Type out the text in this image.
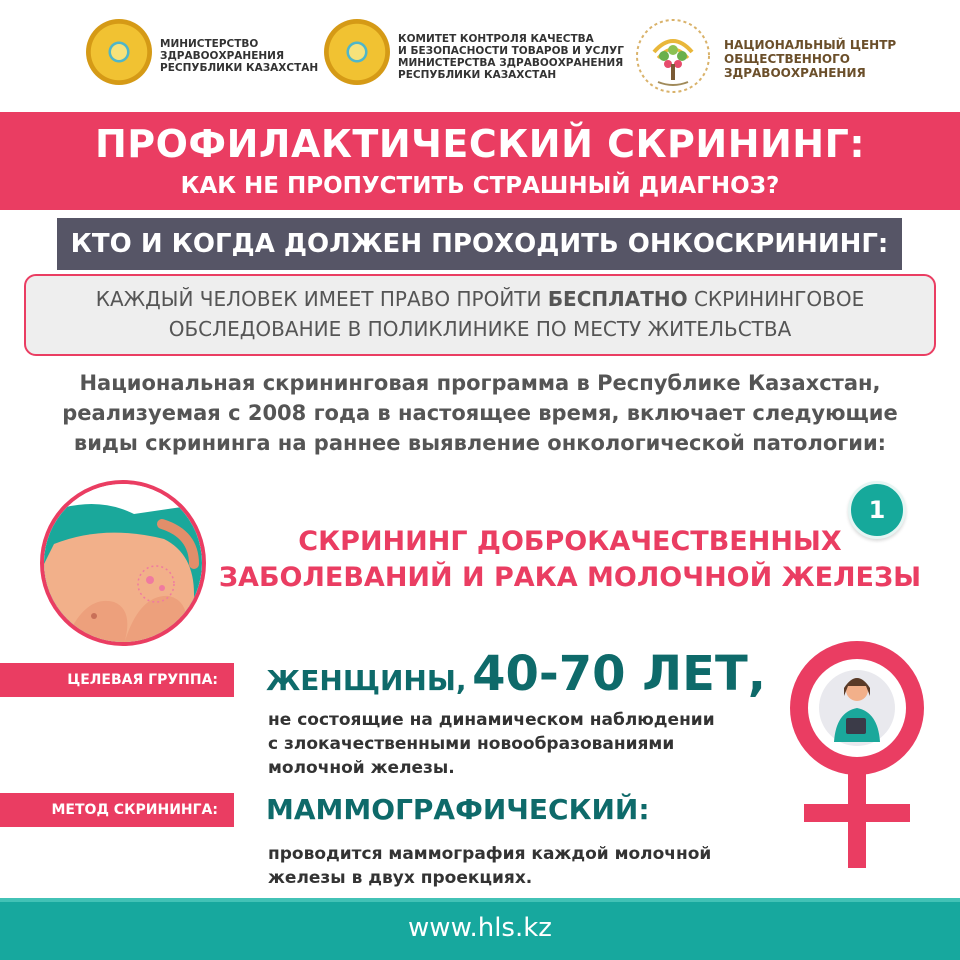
МИНИСТЕРСТВО
ЗДРАВООХРАНЕНИЯ
РЕСПУБЛИКИ КАЗАХСТАН
КОМИТЕТ КОНТРОЛЯ КАЧЕСТВА
И БЕЗОПАСНОСТИ ТОВАРОВ И УСЛУГ
МИНИСТЕРСТВА ЗДРАВООХРАНЕНИЯ
РЕСПУБЛИКИ КАЗАХСТАН
НАЦИОНАЛЬНЫЙ ЦЕНТР
ОБЩЕСТВЕННОГО
ЗДРАВООХРАНЕНИЯ
ПРОФИЛАКТИЧЕСКИЙ СКРИНИНГ:
КАК НЕ ПРОПУСТИТЬ СТРАШНЫЙ ДИАГНОЗ?
КТО И КОГДА ДОЛЖЕН ПРОХОДИТЬ ОНКОСКРИНИНГ:
КАЖДЫЙ ЧЕЛОВЕК ИМЕЕТ ПРАВО ПРОЙТИ БЕСПЛАТНО СКРИНИНГОВОЕ
ОБСЛЕДОВАНИЕ В ПОЛИКЛИНИКЕ ПО МЕСТУ ЖИТЕЛЬСТВА
Национальная скрининговая программа в Республике Казахстан,
реализуемая с 2008 года в настоящее время, включает следующие
виды скрининга на раннее выявление онкологической патологии:
1
СКРИНИНГ ДОБРОКАЧЕСТВЕННЫХ
ЗАБОЛЕВАНИЙ И РАКА МОЛОЧНОЙ ЖЕЛЕЗЫ
ЦЕЛЕВАЯ ГРУППА: ЖЕНЩИНЫ, 40-70 ЛЕТ,
не состоящие на динамическом наблюдении
с злокачественными новообразованиями
молочной железы.
МЕТОД СКРИНИНГА: МАММОГРАФИЧЕСКИЙ:
проводится маммография каждой молочной
железы в двух проекциях.
www.hls.kz
